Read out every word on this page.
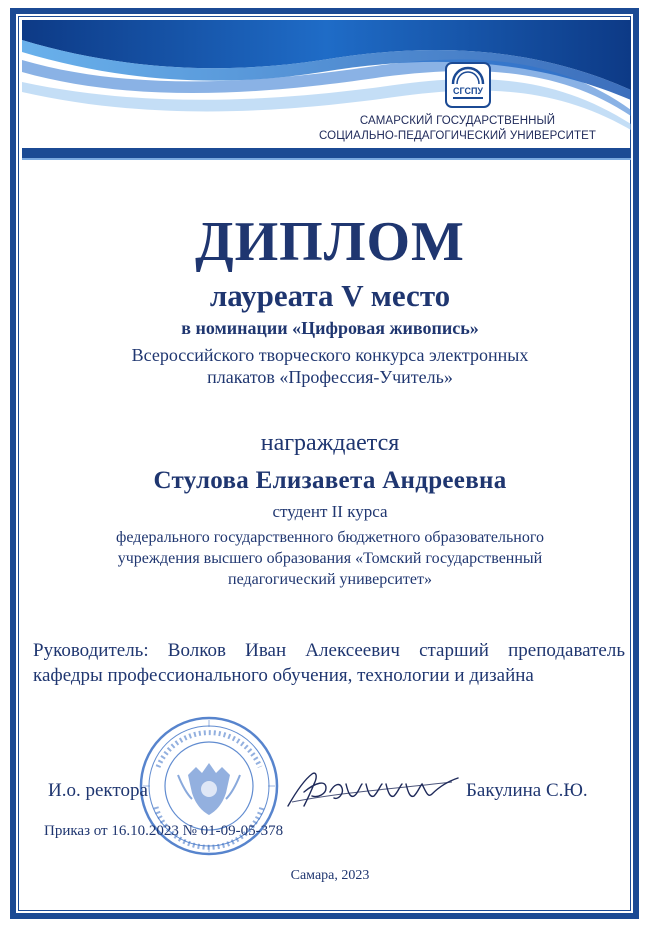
СГСПУ
САМАРСКИЙ ГОСУДАРСТВЕННЫЙ
СОЦИАЛЬНО-ПЕДАГОГИЧЕСКИЙ УНИВЕРСИТЕТ
ДИПЛОМ
лауреата V место
в номинации «Цифровая живопись»
Всероссийского творческого конкурса электронных
плакатов «Профессия-Учитель»
награждается
Стулова Елизавета Андреевна
студент II курса
федерального государственного бюджетного образовательного
учреждения высшего образования «Томский государственный
педагогический университет»
Руководитель: Волков Иван Алексеевич старший преподаватель кафедры профессионального обучения, технологии и дизайна
И.о. ректора	Бакулина С.Ю.
Приказ от 16.10.2023 № 01-09-05-378
Самара, 2023
